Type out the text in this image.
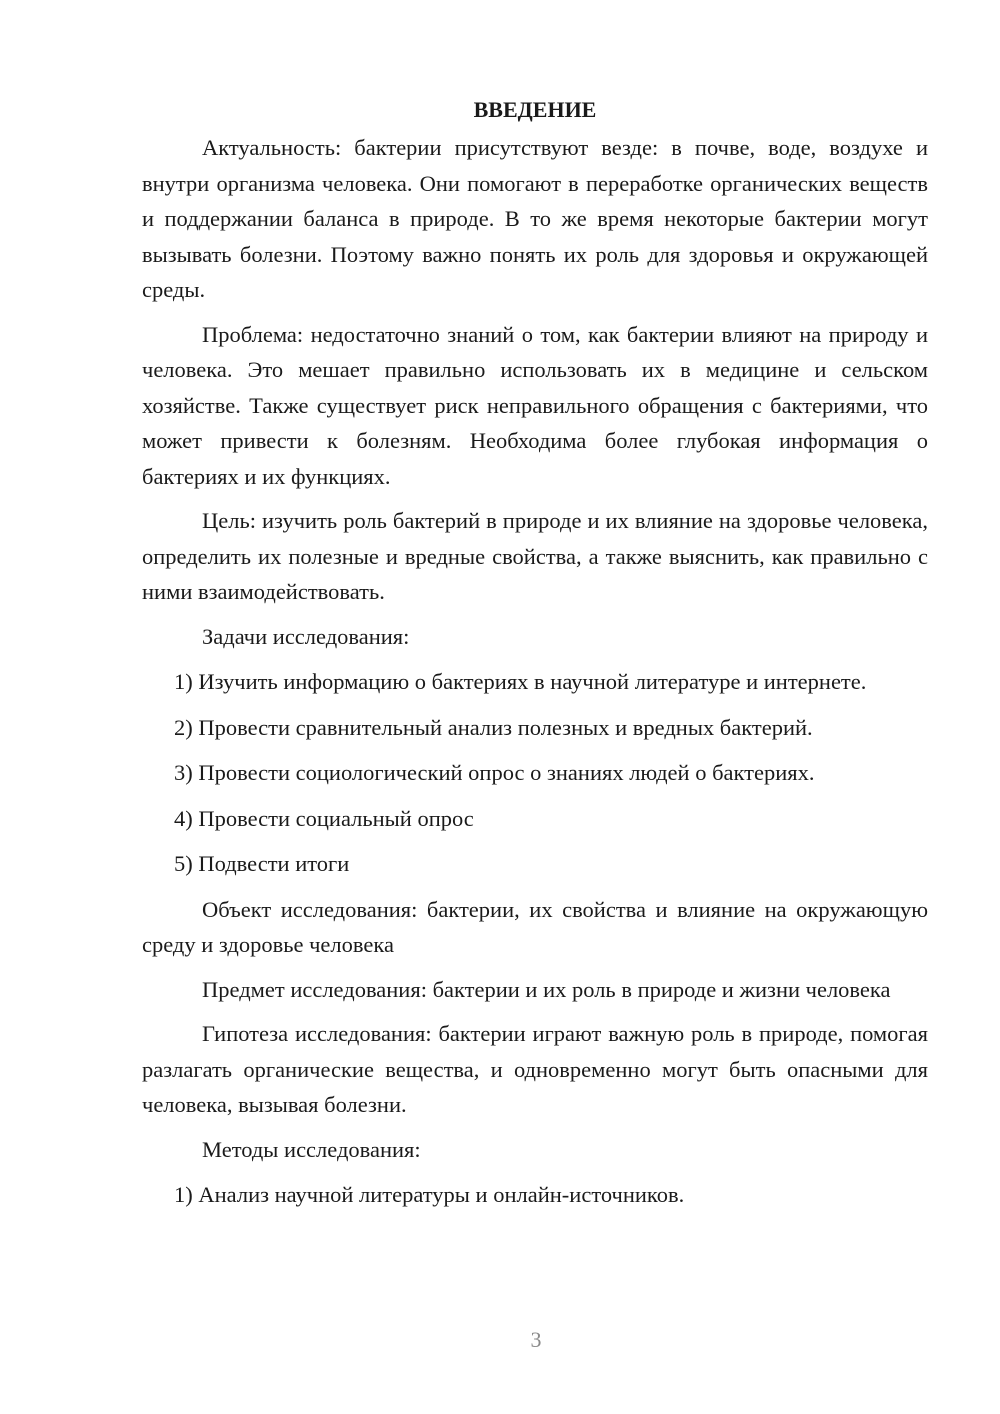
ВВЕДЕНИЕ

Актуальность: бактерии присутствуют везде: в почве, воде, воздухе и внутри организма человека. Они помогают в переработке органических веществ и поддержании баланса в природе. В то же время некоторые бактерии могут вызывать болезни. Поэтому важно понять их роль для здоровья и окружающей среды.

Проблема: недостаточно знаний о том, как бактерии влияют на природу и человека. Это мешает правильно использовать их в медицине и сельском хозяйстве. Также существует риск неправильного обращения с бактериями, что может привести к болезням. Необходима более глубокая информация о бактериях и их функциях.

Цель: изучить роль бактерий в природе и их влияние на здоровье человека, определить их полезные и вредные свойства, а также выяснить, как правильно с ними взаимодействовать.

Задачи исследования:

1) Изучить информацию о бактериях в научной литературе и интернете.

2) Провести сравнительный анализ полезных и вредных бактерий.

3) Провести социологический опрос о знаниях людей о бактериях.

4) Провести социальный опрос

5) Подвести итоги

Объект исследования: бактерии, их свойства и влияние на окружающую среду и здоровье человека

Предмет исследования: бактерии и их роль в природе и жизни человека

Гипотеза исследования: бактерии играют важную роль в природе, помогая разлагать органические вещества, и одновременно могут быть опасными для человека, вызывая болезни.

Методы исследования:

1) Анализ научной литературы и онлайн-источников.

3
